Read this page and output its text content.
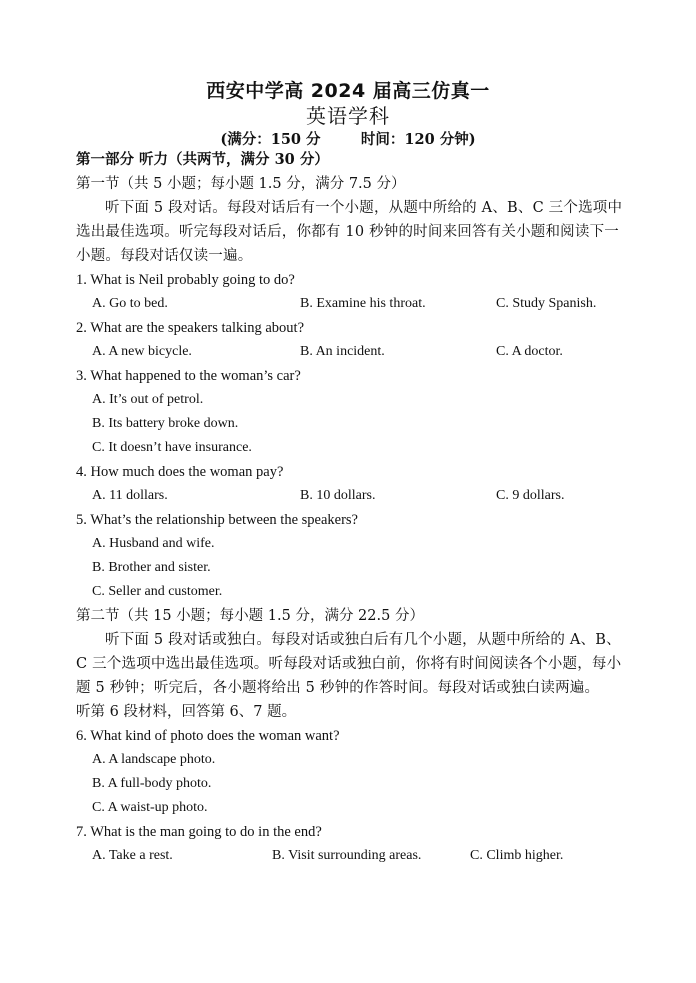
西安中学高 2024 届高三仿真一
英语学科
(满分：150 分        时间：120 分钟)
第一部分 听力（共两节，满分 30 分）
第一节（共 5 小题；每小题 1.5 分，满分 7.5 分）
听下面 5 段对话。每段对话后有一个小题，从题中所给的 A、B、C 三个选项中选出最佳选项。听完每段对话后，你都有 10 秒钟的时间来回答有关小题和阅读下一小题。每段对话仅读一遍。
1. What is Neil probably going to do?
A. Go to bed.	B. Examine his throat.	C. Study Spanish.
2. What are the speakers talking about?
A. A new bicycle.	B. An incident.	C. A doctor.
3. What happened to the woman’s car?
A. It’s out of petrol.
B. Its battery broke down.
C. It doesn’t have insurance.
4. How much does the woman pay?
A. 11 dollars.	B. 10 dollars.	C. 9 dollars.
5. What’s the relationship between the speakers?
A. Husband and wife.
B. Brother and sister.
C. Seller and customer.
第二节（共 15 小题；每小题 1.5 分，满分 22.5 分）
听下面 5 段对话或独白。每段对话或独白后有几个小题，从题中所给的 A、B、C 三个选项中选出最佳选项。听每段对话或独白前，你将有时间阅读各个小题，每小题 5 秒钟；听完后，各小题将给出 5 秒钟的作答时间。每段对话或独白读两遍。
听第 6 段材料，回答第 6、7 题。
6. What kind of photo does the woman want?
A. A landscape photo.
B. A full-body photo.
C. A waist-up photo.
7. What is the man going to do in the end?
A. Take a rest.	B. Visit surrounding areas.	C. Climb higher.
